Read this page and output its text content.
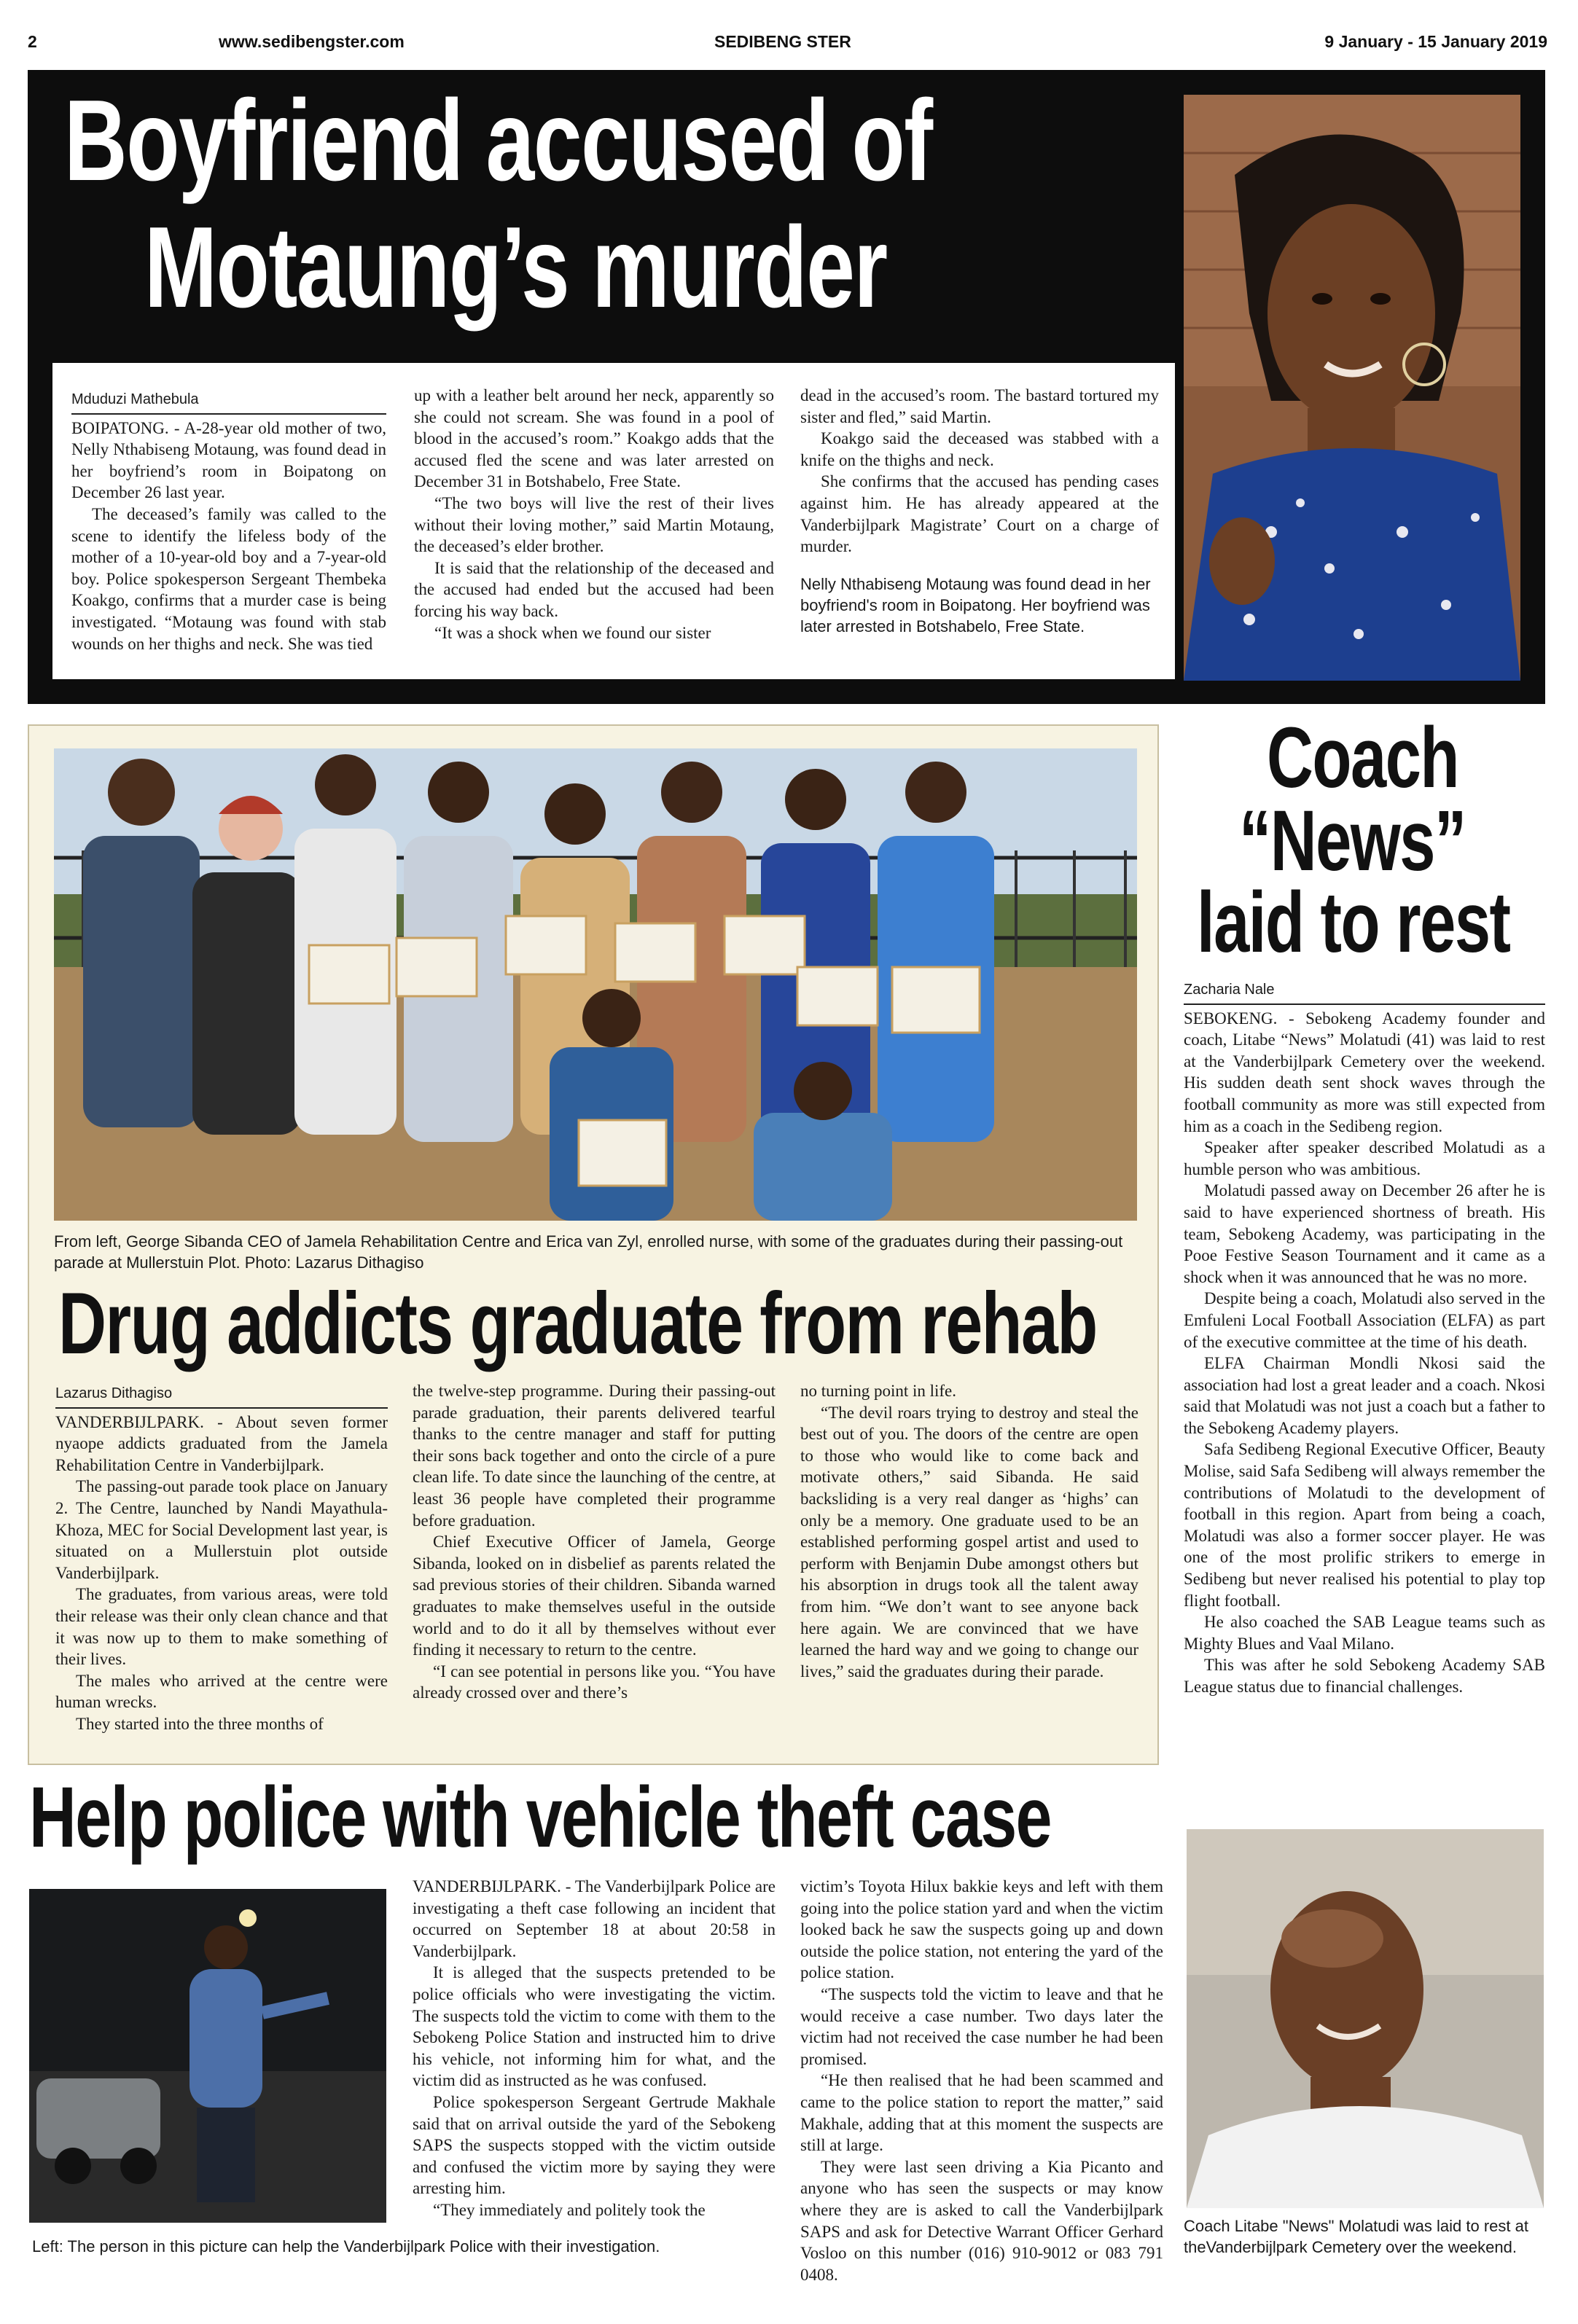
2	www.sedibengster.com	SEDIBENG STER	9 January - 15 January 2019
Boyfriend accused of
Motaung’s murder
Mduduzi Mathebula

BOIPATONG. - A-28-year old mother of two, Nelly Nthabiseng Motaung, was found dead in her boyfriend’s room in Boipatong on December 26 last year.

The deceased’s family was called to the scene to identify the lifeless body of the mother of a 10-year-old boy and a 7-year-old boy. Police spokesperson Sergeant Thembeka Koakgo, confirms that a murder case is being investigated. “Motaung was found with stab wounds on her thighs and neck. She was tied

up with a leather belt around her neck, apparently so she could not scream. She was found in a pool of blood in the accused’s room.” Koakgo adds that the accused fled the scene and was later arrested on December 31 in Botshabelo, Free State.

“The two boys will live the rest of their lives without their loving mother,” said Martin Motaung, the deceased’s elder brother.

It is said that the relationship of the deceased and the accused had ended but the accused had been forcing his way back.

“It was a shock when we found our sister

dead in the accused’s room. The bastard tortured my sister and fled,” said Martin.

Koakgo said the deceased was stabbed with a knife on the thighs and neck.

She confirms that the accused has pending cases against him. He has already appeared at the Vanderbijlpark Magistrate’ Court on a charge of murder.

Nelly Nthabiseng Motaung was found dead in her boyfriend's room in Boipatong. Her boyfriend was later arrested in Botshabelo, Free State.

From left, George Sibanda CEO of Jamela Rehabilitation Centre and Erica van Zyl, enrolled nurse, with some of the graduates during their passing-out parade at Mullerstuin Plot. Photo: Lazarus Dithagiso
Drug addicts graduate from rehab
Lazarus Dithagiso

VANDERBIJLPARK. - About seven former nyaope addicts graduated from the Jamela Rehabilitation Centre in Vanderbijlpark.

The passing-out parade took place on January 2. The Centre, launched by Nandi Mayathula-Khoza, MEC for Social Development last year, is situated on a Mullerstuin plot outside Vanderbijlpark.

The graduates, from various areas, were told their release was their only clean chance and that it was now up to them to make something of their lives.

The males who arrived at the centre were human wrecks.

They started into the three months of

the twelve-step programme. During their passing-out parade graduation, their parents delivered tearful thanks to the centre manager and staff for putting their sons back together and onto the circle of a pure clean life. To date since the launching of the centre, at least 36 people have completed their programme before graduation.

Chief Executive Officer of Jamela, George Sibanda, looked on in disbelief as parents related the sad previous stories of their children. Sibanda warned graduates to make themselves useful in the outside world and to do it all by themselves without ever finding it necessary to return to the centre.

“I can see potential in persons like you. “You have already crossed over and there’s

no turning point in life.

“The devil roars trying to destroy and steal the best out of you. The doors of the centre are open to those who would like to come back and motivate others,” said Sibanda. He said backsliding is a very real danger as ‘highs’ can only be a memory. One graduate used to be an established performing gospel artist and used to perform with Benjamin Dube amongst others but his absorption in drugs took all the talent away from him. “We don’t want to see anyone back here again. We are convinced that we have learned the hard way and we going to change our lives,” said the graduates during their parade.

Coach
“News”
laid to rest
Zacharia Nale

SEBOKENG. - Sebokeng Academy founder and coach, Litabe “News” Molatudi (41) was laid to rest at the Vanderbijlpark Cemetery over the weekend. His sudden death sent shock waves through the football community as more was still expected from him as a coach in the Sedibeng region.

Speaker after speaker described Molatudi as a humble person who was ambitious.

Molatudi passed away on December 26 after he is said to have experienced shortness of breath. His team, Sebokeng Academy, was participating in the Pooe Festive Season Tournament and it came as a shock when it was announced that he was no more.

Despite being a coach, Molatudi also served in the Emfuleni Local Football Association (ELFA) as part of the executive committee at the time of his death.

ELFA Chairman Mondli Nkosi said the association had lost a great leader and a coach. Nkosi said that Molatudi was not just a coach but a father to the Sebokeng Academy players.

Safa Sedibeng Regional Executive Officer, Beauty Molise, said Safa Sedibeng will always remember the contributions of Molatudi to the development of football in this region. Apart from being a coach, Molatudi was also a former soccer player. He was one of the most prolific strikers to emerge in Sedibeng but never realised his potential to play top flight football.

He also coached the SAB League teams such as Mighty Blues and Vaal Milano.

This was after he sold Sebokeng Academy SAB League status due to financial challenges.

Coach Litabe "News" Molatudi was laid to rest at theVanderbijlpark Cemetery over the weekend.
Help police with vehicle theft case
Left: The person in this picture can help the Vanderbijlpark Police with their investigation.

VANDERBIJLPARK. - The Vanderbijlpark Police are investigating a theft case following an incident that occurred on September 18 at about 20:58 in Vanderbijlpark.

It is alleged that the suspects pretended to be police officials who were investigating the victim. The suspects told the victim to come with them to the Sebokeng Police Station and instructed him to drive his vehicle, not informing him for what, and the victim did as instructed as he was confused.

Police spokesperson Sergeant Gertrude Makhale said that on arrival outside the yard of the Sebokeng SAPS the suspects stopped with the victim outside and confused the victim more by saying they were arresting him.

“They immediately and politely took the

victim’s Toyota Hilux bakkie keys and left with them going into the police station yard and when the victim looked back he saw the suspects going up and down outside the police station, not entering the yard of the police station.

“The suspects told the victim to leave and that he would receive a case number. Two days later the victim had not received the case number he had been promised.

“He then realised that he had been scammed and came to the police station to report the matter,” said Makhale, adding that at this moment the suspects are still at large.

They were last seen driving a Kia Picanto and anyone who has seen the suspects or may know where they are is asked to call the Vanderbijlpark SAPS and ask for Detective Warrant Officer Gerhard Vosloo on this number (016) 910-9012 or 083 791 0408.
